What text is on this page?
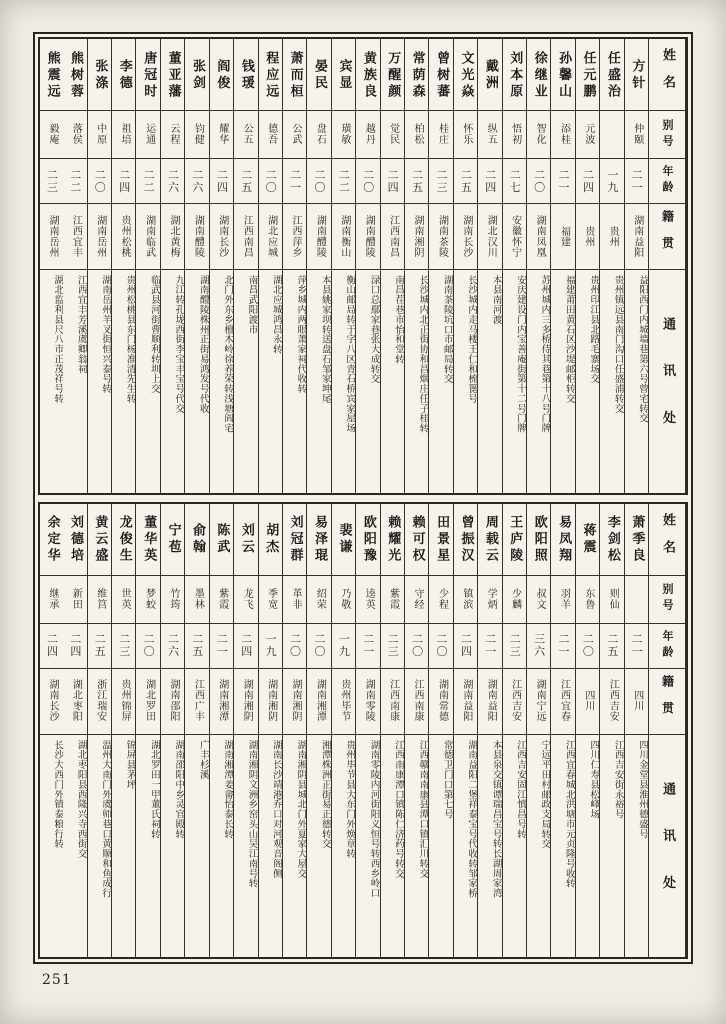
姓名
别号
年龄
籍贯
通讯处
方针
仲颐
二一
湖南益阳
益阳西门内城墙巷第六号曾宅转交
任盛治
一九
贵州
贵州镇远县南门沟口任盛浦转交
任元鹏
元波
二四
贵州
贵州印江县北路毛寨场交
孙馨山
添桂
二一
福建
福建莆田黄石区沙堤邮柜转交
徐继业
智化
二〇
湖南凤凰
苏州城内三多桥侍其巷第十八号门牌
刘本原
悟初
二七
安徽怀宁
安庆建设门内宝善庵街第十二号门牌
戴洲
纵五
二四
湖北汉川
本县南河渡
文光焱
怀乐
二五
湖南长沙
长沙城内走马楼王仁和梳篦号
曾树蕃
桂庄
二三
湖南茶陵
湖南茶陵坑口市邮局转交
常荫森
柏松
二五
湖南湘阴
长沙城内北正街协和昌烟庄任子桂转
万醒颜
觉民
二四
江西南昌
南昌茬巷市怡和堂转
黄族良
越丹
二〇
湖南醴陵
渌口总鄢家巷张大成转交
宾显
璜敏
二二
湖南衡山
衡山邮局转于字八区青石桥宾家屋场
晏民
盘石
二〇
湖南醴陵
本县姚家坝转送盘石邹家坤尾
萧而桓
公武
二一
江西萍乡
萍乡城内两眼萧家祠代收转
程应远
德吾
二〇
湖北应城
湖北应城鸿昌永转
钱瑗
公五
二五
江西南昌
南昌武阳渡市
阎俊
耀华
二四
湖南长沙
北门外东乡檀木岭徐养荣转浅塘阎宅
张剑
钧健
二六
湖南醴陵
湖南醴陵株州正街易鸿发号代收
董亚藩
云程
二六
湖北黄梅
九江转孔垅西街李宝丰宝号代交
唐冠时
运通
二二
湖南临武
临武县河街曹顺利转圳上交
李德
祖培
二四
贵州松桃
贵州松桃县东门杨准清先生转
张涤
中原
二〇
湖南岳州
湖南岳州羊叉街恒兴泰号转
熊树蓉
落侯
二二
江西宜丰
江西宜丰芳溪虞卿翁祠
熊震远
毅庵
二三
湖南岳州
湖北监利县尺八市正茂祥号转
姓名
别号
年龄
籍贯
通讯处
萧季良
二一
四川
四川金堂县淮州德盛号
李剑松
则仙
二五
江西吉安
江西吉安街永裕号
蒋震
东鲁
二〇
四川
四川仁寿县松峰场
易凤翔
羽羊
二一
江西宜春
江西宜春城北洪塘市元贞隆号收转
欧阳照
叔文
三六
湖南宁远
宁远平田村邮政支局转交
王庐陵
少麟
二三
江西吉安
江西吉安固江慎昌号转
周载云
学炳
二一
湖南益阳
本县泉交镇谭瑞昌宝号转长湖周家湾
曾振汉
镇滨
二四
湖南益阳
湖南益阳二堡祥泰宝号代收转邹家桥
田景星
少程
二〇
湖南常德
常德卫门口第七号
赖可权
守经
二〇
江西南康
江西赣南南康县潭口镇汇川转交
赖耀光
紫霞
二三
江西南康
江西南康潭口镇陈仁济药号转交
欧阳豫
逵英
二一
湖南零陵
湖南零陵内河街阳义恒号转西乡岭口
裴谦
乃敬
一九
贵州毕节
贵州毕节县大东门外焕章转
易泽琨
绍荣
二〇
湖南湘潭
湘潭株洲正街易正德转交
刘冠群
革非
二〇
湖南湘阴
湖南湘阴县城北门外夏家大屋交
胡杰
季宽
一九
湖南湘阴
湖南长沙靖港乔口对河观音阁侧
刘云
龙飞
二四
湖南湘阴
湖南湘阴文洲乡窑头山吴江南号转
陈武
紫霞
二一
湖南湘潭
湖南湘潭姜畲怡泰长转
俞翰
墨林
二五
江西广丰
广丰杉溪
宁苞
竹筠
二六
湖南邵阳
湖南邵阳中乡灵官殿转
董华英
梦蛟
二〇
湖北罗田
湖北罗田一甲董氏祠转
龙俊生
世英
二三
贵州锦屏
锦屏县茅坪
黄云盛
维筥
二五
浙江瑞安
温州大南门外虞师巷口黄顺和鱼成行
刘德培
新田
二四
湖北枣阳
湖北枣阳县西隆兴寺西街交
余定华
继承
二四
湖南长沙
长沙大西门外镇泰粮行转
251
